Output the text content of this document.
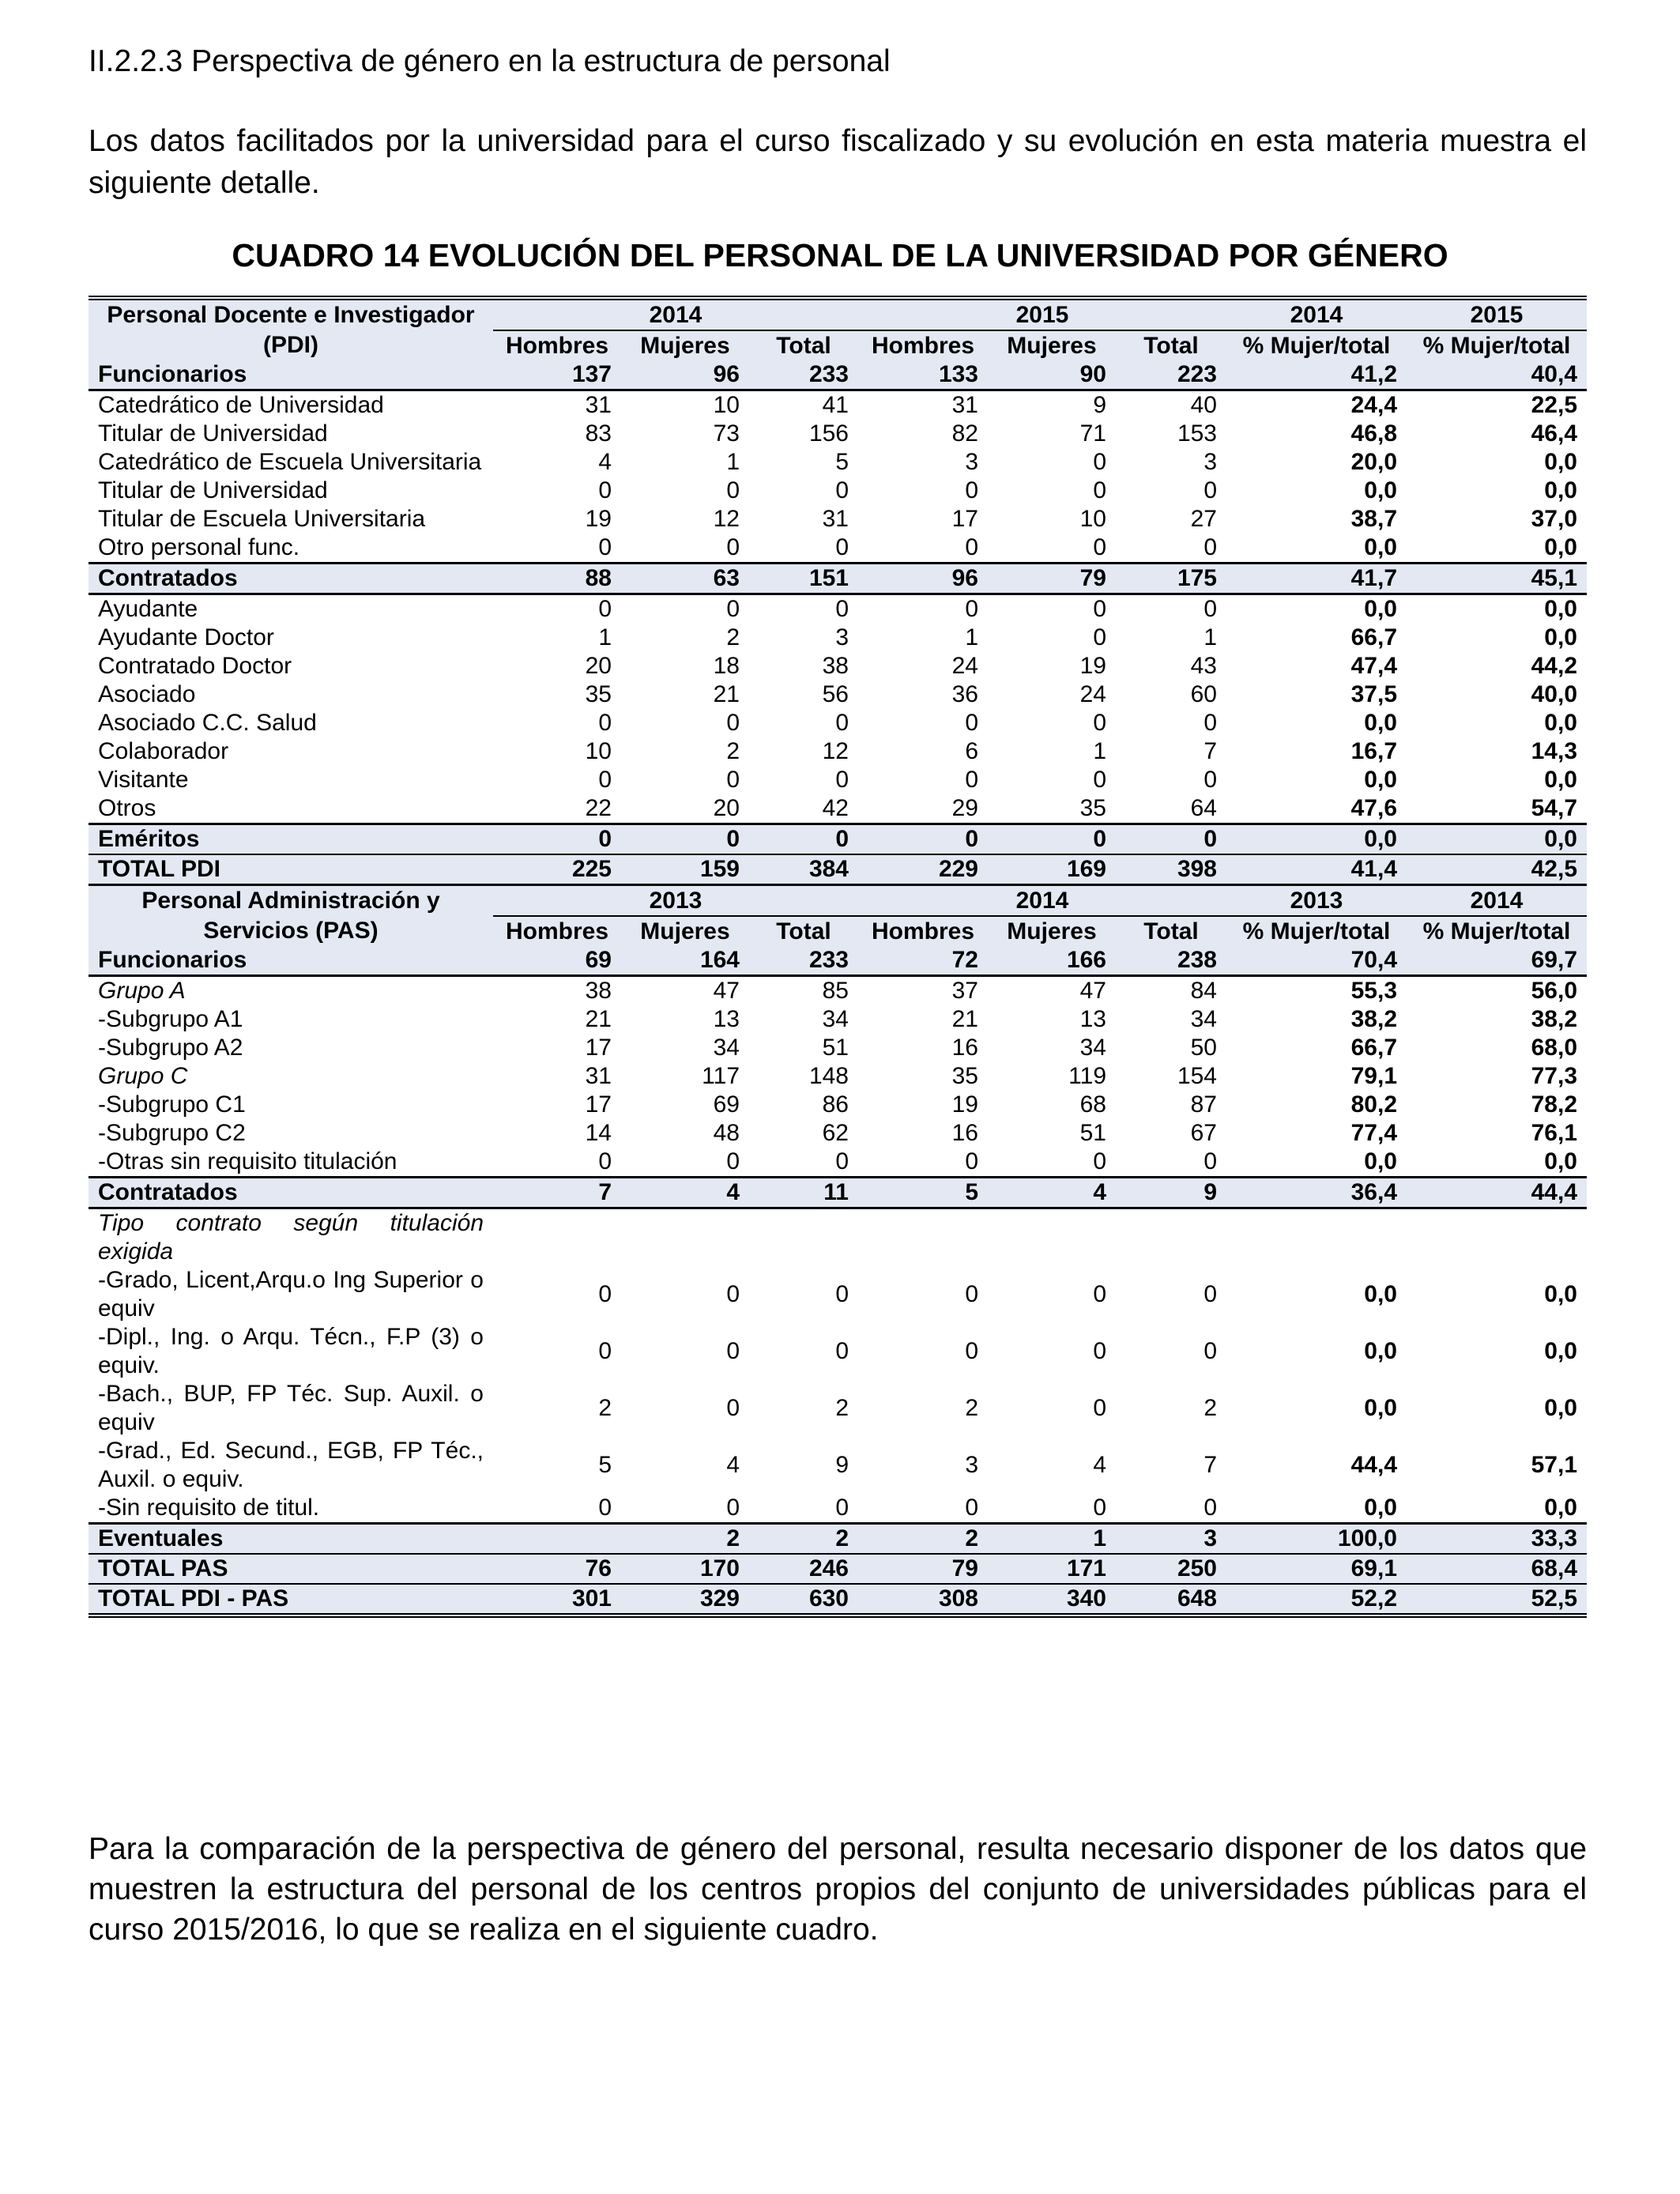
II.2.2.3 Perspectiva de género en la estructura de personal
Los datos facilitados por la universidad para el curso fiscalizado y su evolución en esta materia muestra el siguiente detalle.
CUADRO 14 EVOLUCIÓN DEL PERSONAL DE LA UNIVERSIDAD POR GÉNERO
Personal Docente e Investigador (PDI)	2014			2015			2014	2015
	Hombres	Mujeres	Total	Hombres	Mujeres	Total	% Mujer/total	% Mujer/total
Funcionarios	137	96	233	133	90	223	41,2	40,4
Catedrático de Universidad	31	10	41	31	9	40	24,4	22,5
Titular de Universidad	83	73	156	82	71	153	46,8	46,4
Catedrático de Escuela Universitaria	4	1	5	3	0	3	20,0	0,0
Titular de Universidad	0	0	0	0	0	0	0,0	0,0
Titular de Escuela Universitaria	19	12	31	17	10	27	38,7	37,0
Otro personal func.	0	0	0	0	0	0	0,0	0,0
Contratados	88	63	151	96	79	175	41,7	45,1
Ayudante	0	0	0	0	0	0	0,0	0,0
Ayudante Doctor	1	2	3	1	0	1	66,7	0,0
Contratado Doctor	20	18	38	24	19	43	47,4	44,2
Asociado	35	21	56	36	24	60	37,5	40,0
Asociado C.C. Salud	0	0	0	0	0	0	0,0	0,0
Colaborador	10	2	12	6	1	7	16,7	14,3
Visitante	0	0	0	0	0	0	0,0	0,0
Otros	22	20	42	29	35	64	47,6	54,7
Eméritos	0	0	0	0	0	0	0,0	0,0
TOTAL PDI	225	159	384	229	169	398	41,4	42,5
Personal Administración y Servicios (PAS)	2013			2014			2013	2014
	Hombres	Mujeres	Total	Hombres	Mujeres	Total	% Mujer/total	% Mujer/total
Funcionarios	69	164	233	72	166	238	70,4	69,7
Grupo A	38	47	85	37	47	84	55,3	56,0
-Subgrupo A1	21	13	34	21	13	34	38,2	38,2
-Subgrupo A2	17	34	51	16	34	50	66,7	68,0
Grupo C	31	117	148	35	119	154	79,1	77,3
-Subgrupo C1	17	69	86	19	68	87	80,2	78,2
-Subgrupo C2	14	48	62	16	51	67	77,4	76,1
-Otras sin requisito titulación	0	0	0	0	0	0	0,0	0,0
Contratados	7	4	11	5	4	9	36,4	44,4
Tipo contrato según titulación exigida								
-Grado, Licent,Arqu.o Ing Superior o equiv	0	0	0	0	0	0	0,0	0,0
-Dipl., Ing. o Arqu. Técn., F.P (3) o equiv.	0	0	0	0	0	0	0,0	0,0
-Bach., BUP, FP Téc. Sup. Auxil. o equiv	2	0	2	2	0	2	0,0	0,0
-Grad., Ed. Secund., EGB, FP Téc., Auxil. o equiv.	5	4	9	3	4	7	44,4	57,1
-Sin requisito de titul.	0	0	0	0	0	0	0,0	0,0
Eventuales		2	2	2	1	3	100,0	33,3
TOTAL PAS	76	170	246	79	171	250	69,1	68,4
TOTAL PDI - PAS	301	329	630	308	340	648	52,2	52,5
Para la comparación de la perspectiva de género del personal, resulta necesario disponer de los datos que muestren la estructura del personal de los centros propios del conjunto de universidades públicas para el curso 2015/2016, lo que se realiza en el siguiente cuadro.
